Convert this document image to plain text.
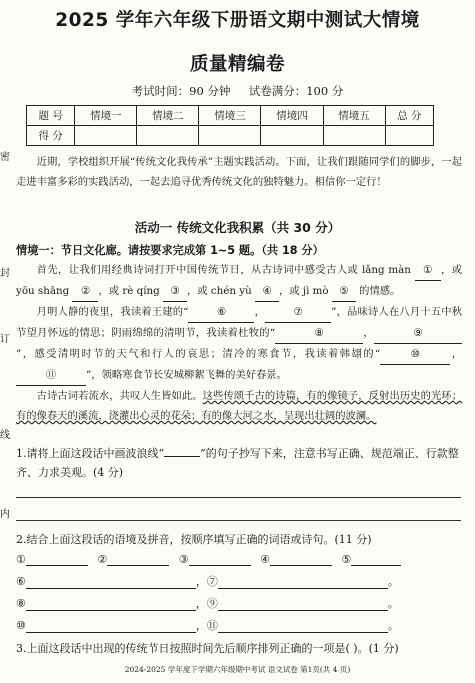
2025 学年六年级下册语文期中测试大情境
质量精编卷
考试时间：90 分钟 试卷满分：100 分
题 号	情境一	情境二	情境三	情境四	情境五	总 分
得 分						
密
封
订
线
内

近期，学校组织开展“传统文化我传承”主题实践活动。下面，让我们跟随同学们的脚步，一起走进丰富多彩的实践活动，一起去追寻优秀传统文化的独特魅力。相信你一定行！

活动一 传统文化我积累（共 30 分）
情境一：节日文化廊。请按要求完成第 1~5 题。（共 18 分）

首先，让我们用经典诗词打开中国传统节日，从古诗词中感受古人或 lǎng màn ① ，或 yōu shāng ② ，或 rè qíng ③ ，或 chén yù ④ ，或 jì mò ⑤ 的情感。

月明人静的夜里，我读着王建的“	⑥	，	⑦	”，品味诗人在八月十五中秋节望月怀远的情思；阴雨绵绵的清明节，我读着杜牧的“	⑧	，	⑨”，感受清明时节的天气和行人的哀思；清冷的寒食节，我读着韩翃的“	⑩	，⑪	”，领略寒食节长安城柳絮飞舞的美好春景。

古诗古词若流水，共叹人生皆如此。这些传颂千古的诗篇，有的像镜子，反射出历史的光环；有的像春天的溪流，浇灌出心灵的花朵；有的像大河之水，呈现出壮阔的波澜。

1.请将上面这段话中画波浪线“	”的句子抄写下来，注意书写正确、规范端正、行款整齐、力求美观。(4 分)
2.结合上面这段话的语境及拼音，按顺序填写正确的词语或诗句。(11 分)
①	②	③	④	⑤
⑥	，⑦	。
⑧	，⑨	。
⑩	，⑪	。
3.上面这段话中出现的传统节日按照时间先后顺序排列正确的一项是( )。(1 分)
2024-2025 学年度下学期六年级期中考试 语文试卷 第1页(共 4 页)
